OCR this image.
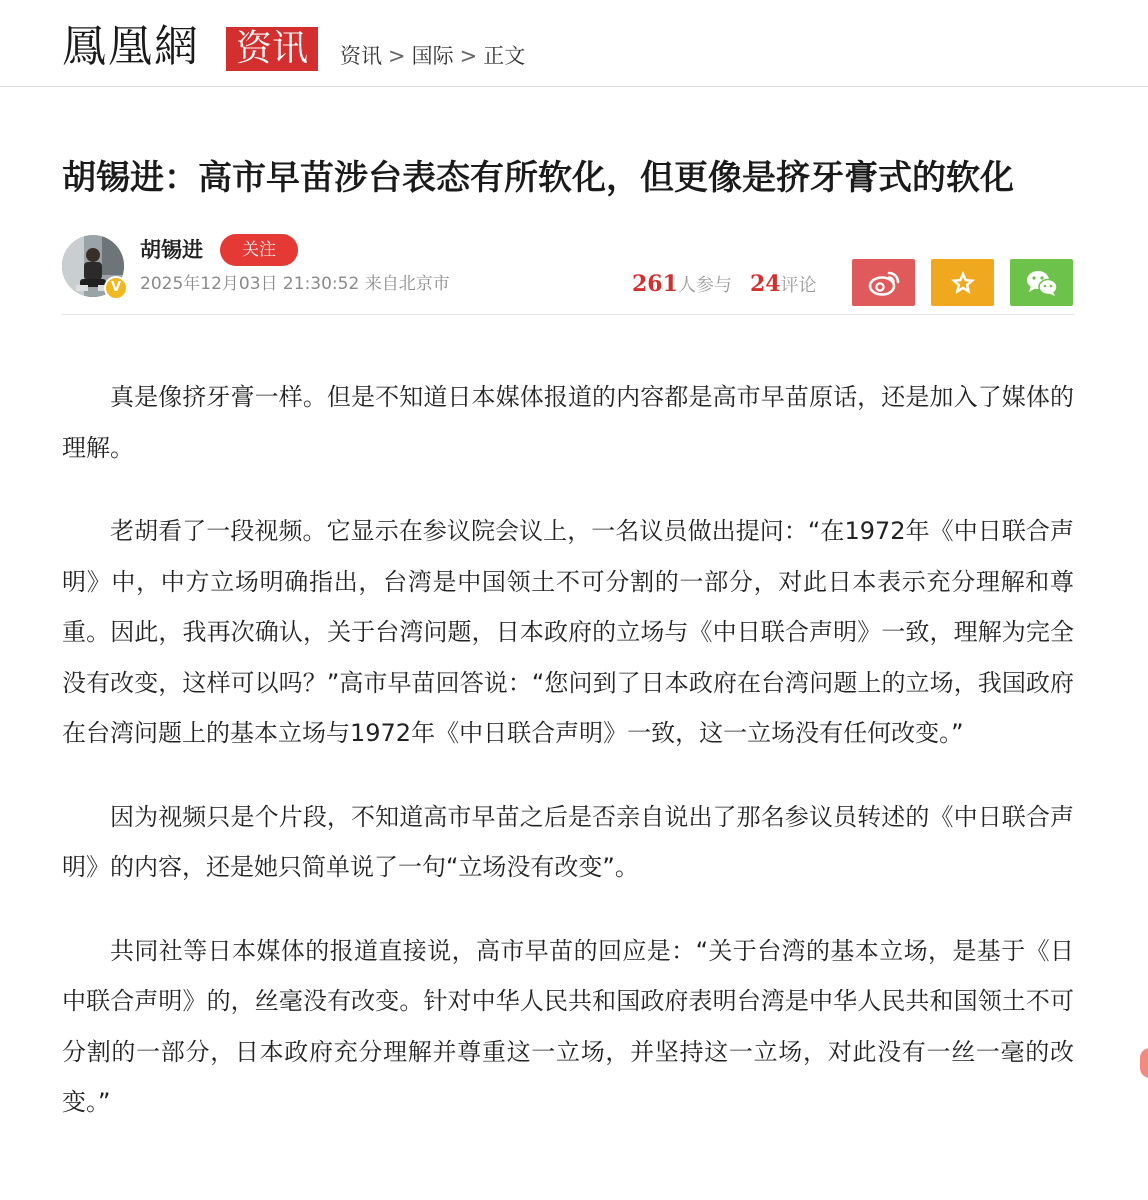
鳳凰網 资讯	资讯 > 国际 > 正文
胡锡进：高市早苗涉台表态有所软化，但更像是挤牙膏式的软化
V
胡锡进	关注
2025年12月03日 21:30:52 来自北京市	261人参与 24评论

真是像挤牙膏一样。但是不知道日本媒体报道的内容都是高市早苗原话，还是加入了媒体的理解。

老胡看了一段视频。它显示在参议院会议上，一名议员做出提问：“在1972年《中日联合声明》中，中方立场明确指出，台湾是中国领土不可分割的一部分，对此日本表示充分理解和尊重。因此，我再次确认，关于台湾问题，日本政府的立场与《中日联合声明》一致，理解为完全没有改变，这样可以吗？”高市早苗回答说：“您问到了日本政府在台湾问题上的立场，我国政府在台湾问题上的基本立场与1972年《中日联合声明》一致，这一立场没有任何改变。”

因为视频只是个片段，不知道高市早苗之后是否亲自说出了那名参议员转述的《中日联合声明》的内容，还是她只简单说了一句“立场没有改变”。

共同社等日本媒体的报道直接说，高市早苗的回应是：“关于台湾的基本立场，是基于《日中联合声明》的，丝毫没有改变。针对中华人民共和国政府表明台湾是中华人民共和国领土不可分割的一部分，日本政府充分理解并尊重这一立场，并坚持这一立场，对此没有一丝一毫的改变。”
